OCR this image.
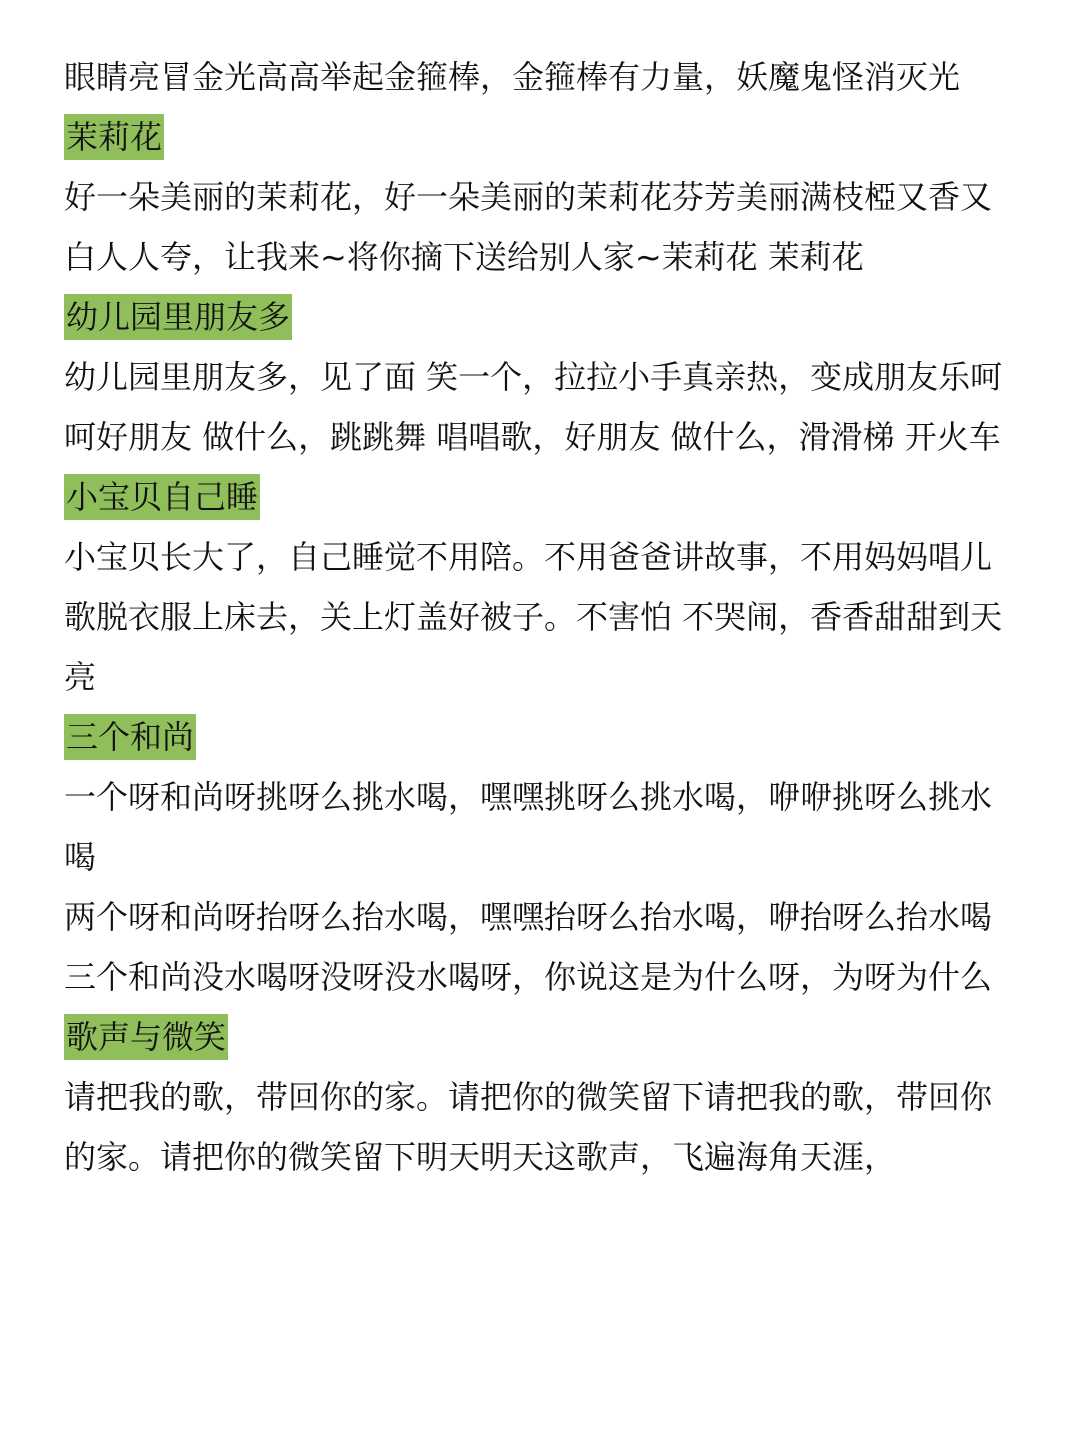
眼睛亮冒金光高高举起金箍棒，金箍棒有力量，妖魔鬼怪消灭光

茉莉花

好一朵美丽的茉莉花，好一朵美丽的茉莉花芬芳美丽满枝椏又香又白人人夸，让我来~将你摘下送给别人家~茉莉花 茉莉花

幼儿园里朋友多

幼儿园里朋友多，见了面 笑一个，拉拉小手真亲热，变成朋友乐呵呵好朋友 做什么，跳跳舞 唱唱歌，好朋友 做什么，滑滑梯 开火车

小宝贝自己睡

小宝贝长大了，自己睡觉不用陪。不用爸爸讲故事，不用妈妈唱儿歌脱衣服上床去，关上灯盖好被子。不害怕 不哭闹，香香甜甜到天亮

三个和尚

一个呀和尚呀挑呀么挑水喝，嘿嘿挑呀么挑水喝，咿咿挑呀么挑水喝

两个呀和尚呀抬呀么抬水喝，嘿嘿抬呀么抬水喝，咿抬呀么抬水喝

三个和尚没水喝呀没呀没水喝呀，你说这是为什么呀，为呀为什么

歌声与微笑

请把我的歌，带回你的家。请把你的微笑留下请把我的歌，带回你的家。请把你的微笑留下明天明天这歌声，飞遍海角天涯，
